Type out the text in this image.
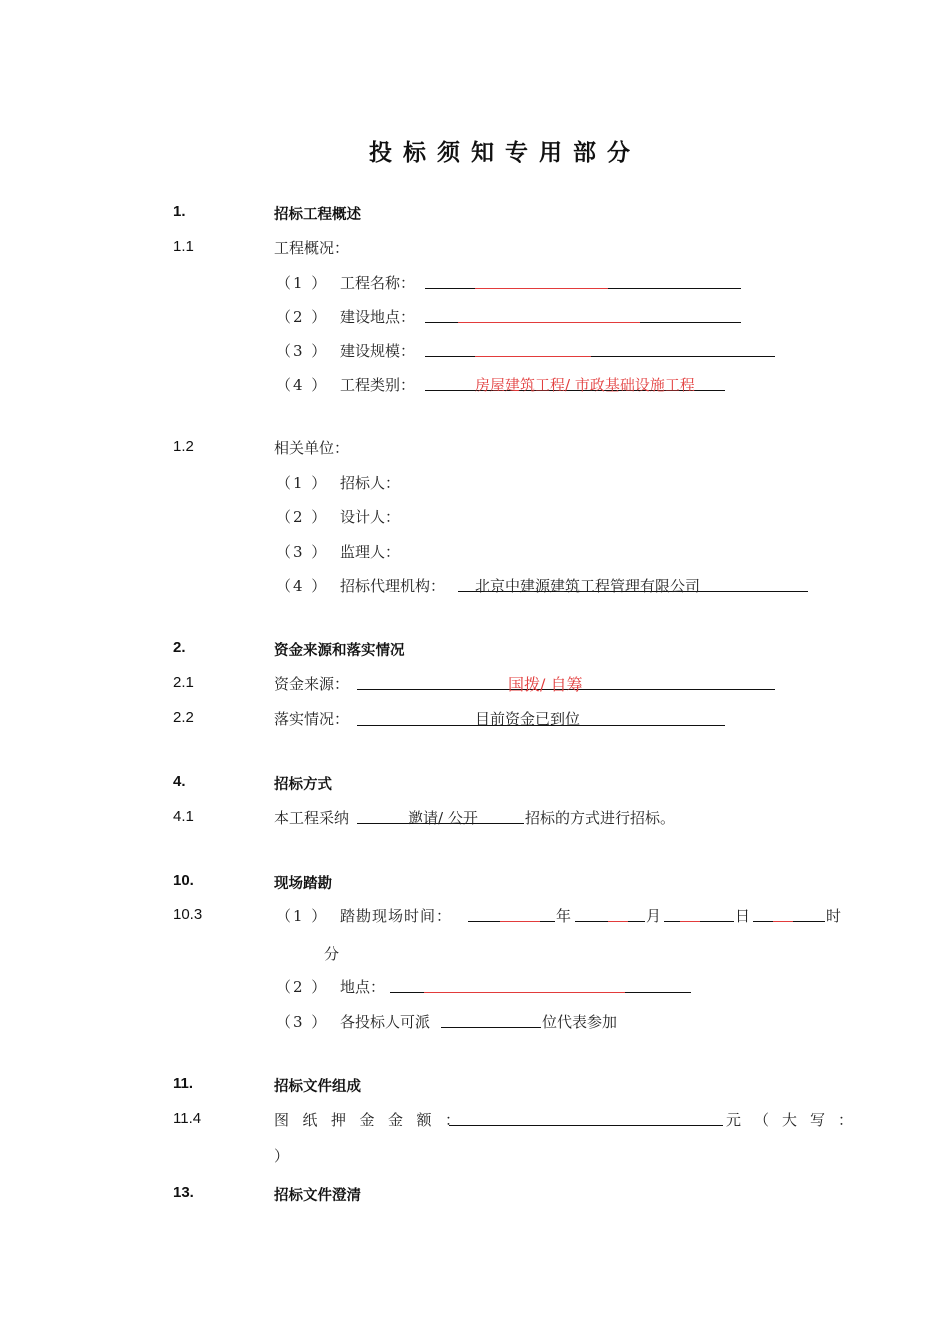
投标须知专用部分
1.	招标工程概述
1.1	工程概况：
（1 ） 工程名称：
（2 ） 建设地点：
（3 ） 建设规模：
（4 ） 工程类别：	房屋建筑工程/ 市政基础设施工程
1.2	相关单位：
（1 ） 招标人：
（2 ） 设计人：
（3 ） 监理人：
（4 ） 招标代理机构： 北京中建源建筑工程管理有限公司
2.	资金来源和落实情况
2.1	资金来源：	国拨/ 自筹
2.2	落实情况：	目前资金已到位
4.	招标方式
4.1	本工程采纳	邀请/ 公开	招标的方式进行招标。
10.	现场踏勘
10.3	（1 ） 踏勘现场时间：	年	月	日	时
分
（2 ） 地点：
（3 ） 各投标人可派	位代表参加
11.	招标文件组成
11.4	图纸押金金额：	元（大写：
）
13.	招标文件澄清
